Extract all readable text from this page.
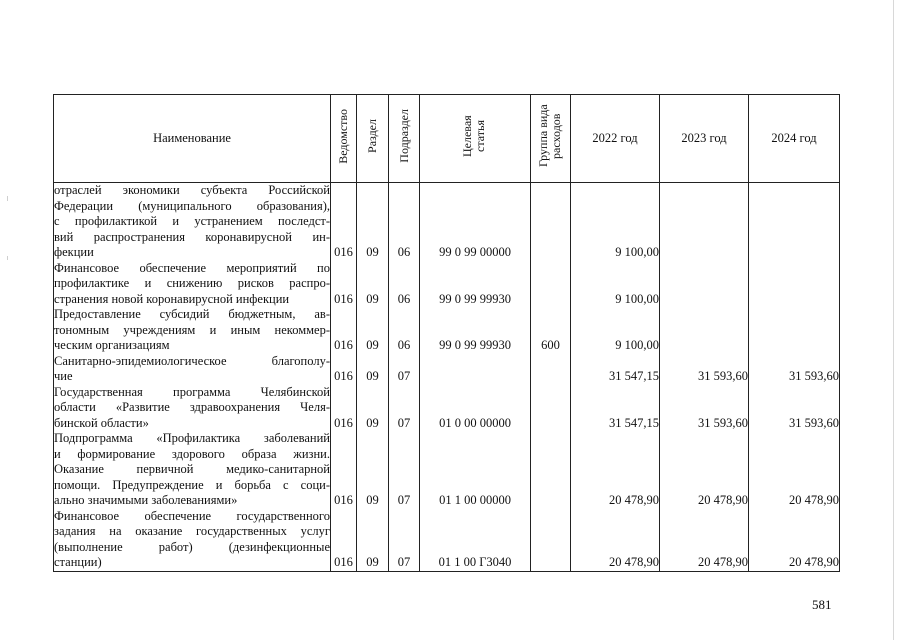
Наименование	Ведомство	Раздел	Подраздел	Целевая статья	Группа вида расходов	2022 год	2023 год	2024 год

отраслей экономики субъекта Российской
Федерации (муниципального образования),
с профилактикой и устранением последст-
вий распространения коронавирусной ин-
фекции	016	09	06	99 0 99 00000		9 100,00		

Финансовое обеспечение мероприятий по
профилактике и снижению рисков распро-
странения новой коронавирусной инфекции	016	09	06	99 0 99 99930		9 100,00		

Предоставление субсидий бюджетным, ав-
тономным учреждениям и иным некоммер-
ческим организациям	016	09	06	99 0 99 99930	600	9 100,00		

Санитарно-эпидемиологическое благополу-
чие	016	09	07			31 547,15	31 593,60	31 593,60

Государственная программа Челябинской
области «Развитие здравоохранения Челя-
бинской области»	016	09	07	01 0 00 00000		31 547,15	31 593,60	31 593,60

Подпрограмма «Профилактика заболеваний
и формирование здорового образа жизни.
Оказание первичной медико-санитарной
помощи. Предупреждение и борьба с соци-
ально значимыми заболеваниями»	016	09	07	01 1 00 00000		20 478,90	20 478,90	20 478,90

Финансовое обеспечение государственного
задания на оказание государственных услуг
(выполнение работ) (дезинфекционные
станции)	016	09	07	01 1 00 Г3040		20 478,90	20 478,90	20 478,90
581
